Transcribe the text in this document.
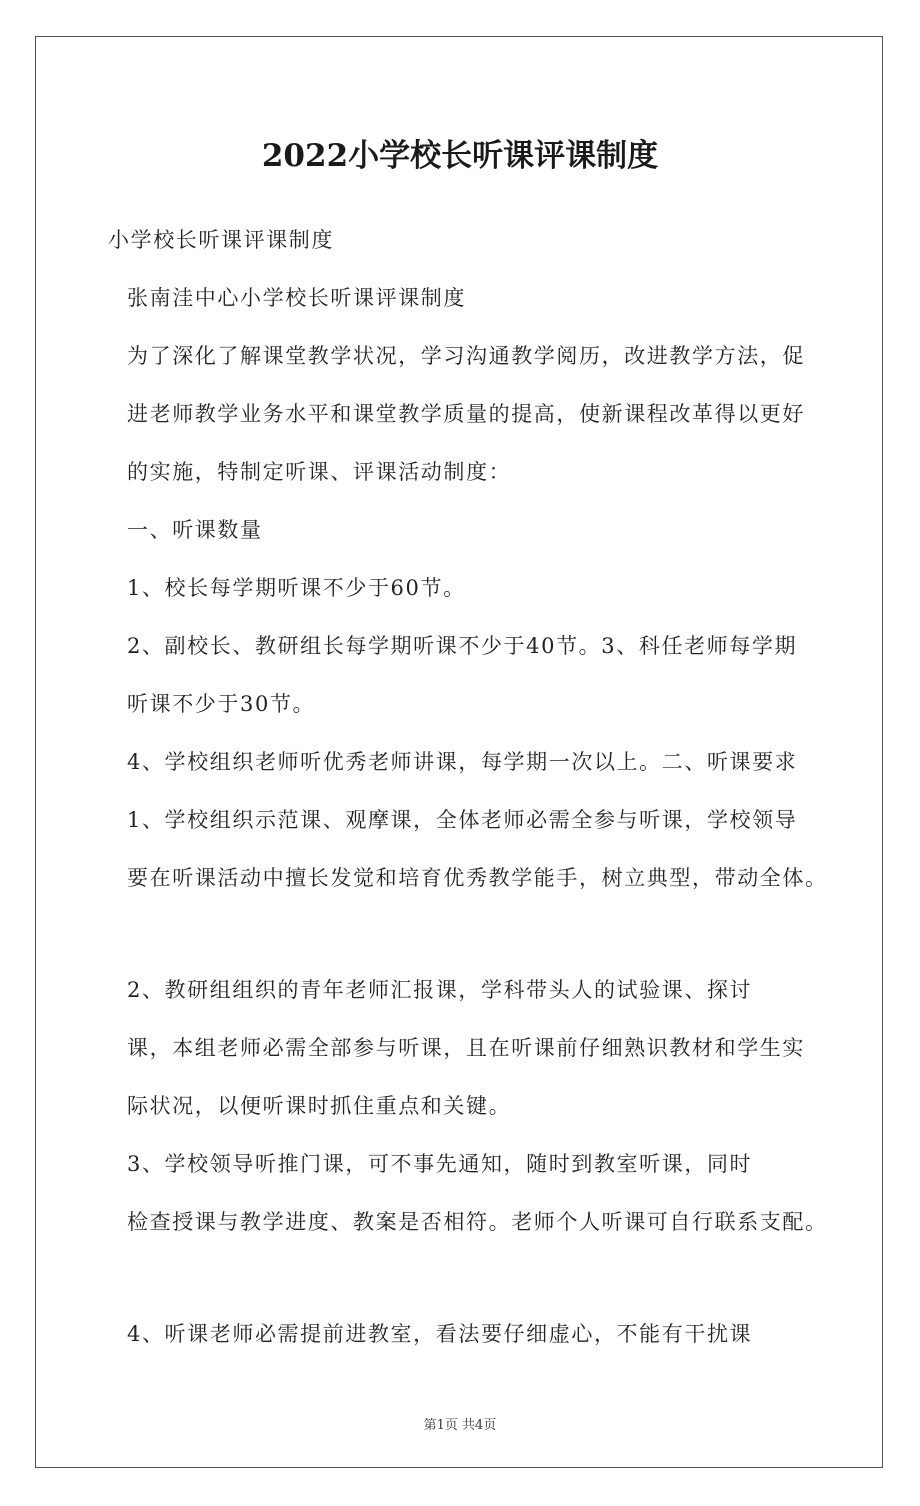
2022小学校长听课评课制度
小学校长听课评课制度
张南洼中心小学校长听课评课制度
为了深化了解课堂教学状况，学习沟通教学阅历，改进教学方法，促
进老师教学业务水平和课堂教学质量的提高，使新课程改革得以更好
的实施，特制定听课、评课活动制度：
一、听课数量
1、校长每学期听课不少于60节。
2、副校长、教研组长每学期听课不少于40节。3、科任老师每学期
听课不少于30节。
4、学校组织老师听优秀老师讲课，每学期一次以上。二、听课要求
1、学校组织示范课、观摩课，全体老师必需全参与听课，学校领导
要在听课活动中擅长发觉和培育优秀教学能手，树立典型，带动全体。
2、教研组组织的青年老师汇报课，学科带头人的试验课、探讨
课，本组老师必需全部参与听课，且在听课前仔细熟识教材和学生实
际状况，以便听课时抓住重点和关键。
3、学校领导听推门课，可不事先通知，随时到教室听课，同时
检查授课与教学进度、教案是否相符。老师个人听课可自行联系支配。
4、听课老师必需提前进教室，看法要仔细虚心，不能有干扰课
第1页 共4页
